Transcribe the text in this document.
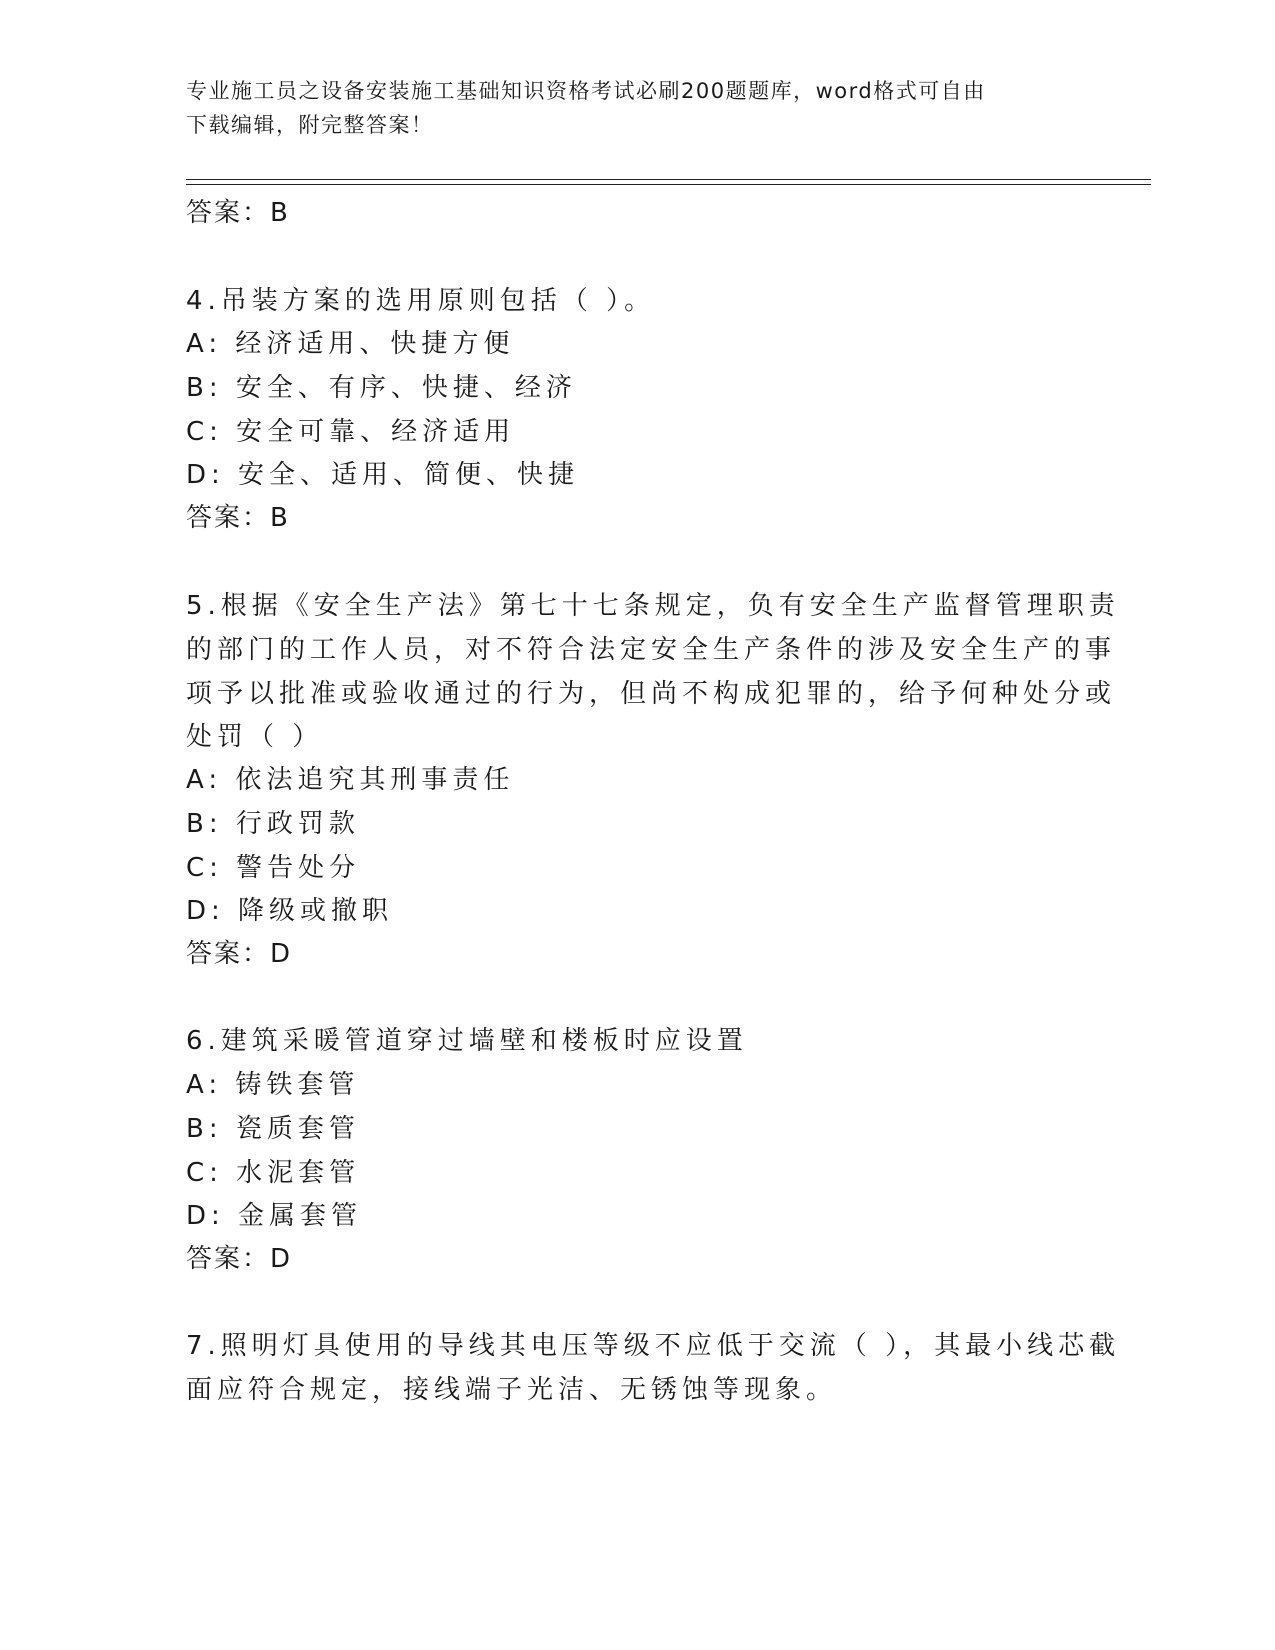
专业施工员之设备安装施工基础知识资格考试必刷200题题库，word格式可自由
下载编辑，附完整答案！
答案：B
4.吊装方案的选用原则包括（ ）。
A: 经济适用、快捷方便
B: 安全、有序、快捷、经济
C: 安全可靠、经济适用
D: 安全、适用、简便、快捷
答案：B
5.根据《安全生产法》第七十七条规定，负有安全生产监督管理职责
的部门的工作人员，对不符合法定安全生产条件的涉及安全生产的事
项予以批准或验收通过的行为，但尚不构成犯罪的，给予何种处分或
处罚（ ）
A: 依法追究其刑事责任
B: 行政罚款
C: 警告处分
D: 降级或撤职
答案：D
6.建筑采暖管道穿过墙壁和楼板时应设置
A: 铸铁套管
B: 瓷质套管
C: 水泥套管
D: 金属套管
答案：D
7.照明灯具使用的导线其电压等级不应低于交流（ ），其最小线芯截
面应符合规定，接线端子光洁、无锈蚀等现象。
